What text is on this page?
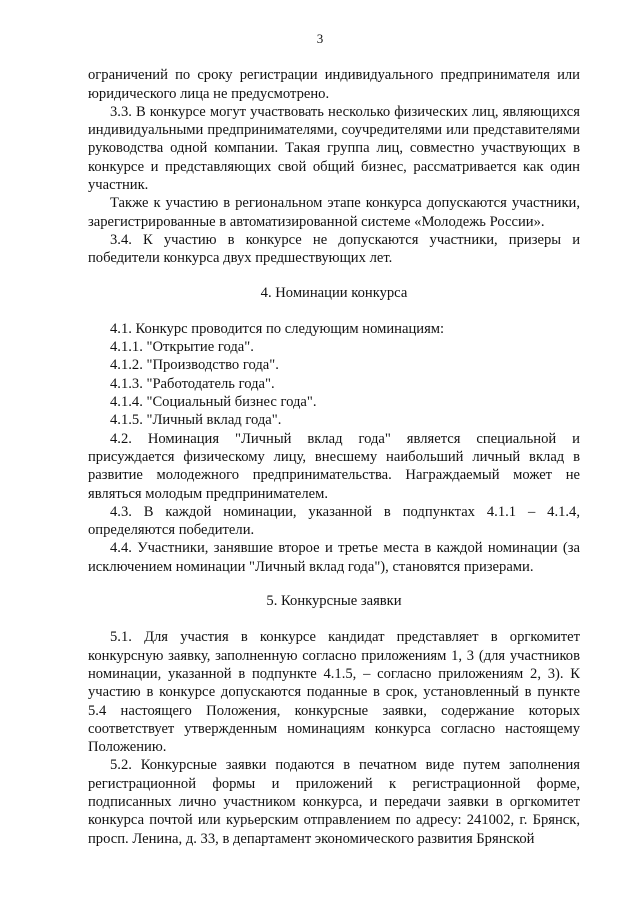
3

ограничений по сроку регистрации индивидуального предпринимателя или юридического лица не предусмотрено.

3.3. В конкурсе могут участвовать несколько физических лиц, являющихся индивидуальными предпринимателями, соучредителями или представителями руководства одной компании. Такая группа лиц, совместно участвующих в конкурсе и представляющих свой общий бизнес, рассматривается как один участник.

Также к участию в региональном этапе конкурса допускаются участники, зарегистрированные в автоматизированной системе «Молодежь России».

3.4. К участию в конкурсе не допускаются участники, призеры и победители конкурса двух предшествующих лет.

4. Номинации конкурса

4.1. Конкурс проводится по следующим номинациям:

4.1.1. "Открытие года".

4.1.2. "Производство года".

4.1.3. "Работодатель года".

4.1.4. "Социальный бизнес года".

4.1.5. "Личный вклад года".

4.2. Номинация "Личный вклад года" является специальной и присуждается физическому лицу, внесшему наибольший личный вклад в развитие молодежного предпринимательства. Награждаемый может не являться молодым предпринимателем.

4.3. В каждой номинации, указанной в подпунктах 4.1.1 – 4.1.4, определяются победители.

4.4. Участники, занявшие второе и третье места в каждой номинации (за исключением номинации "Личный вклад года"), становятся призерами.

5. Конкурсные заявки

5.1. Для участия в конкурсе кандидат представляет в оргкомитет конкурсную заявку, заполненную согласно приложениям 1, 3 (для участников номинации, указанной в подпункте 4.1.5, – согласно приложениям 2, 3). К участию в конкурсе допускаются поданные в срок, установленный в пункте 5.4 настоящего Положения, конкурсные заявки, содержание которых соответствует утвержденным номинациям конкурса согласно настоящему Положению.

5.2. Конкурсные заявки подаются в печатном виде путем заполнения регистрационной формы и приложений к регистрационной форме, подписанных лично участником конкурса, и передачи заявки в оргкомитет конкурса почтой или курьерским отправлением по адресу: 241002, г. Брянск, просп. Ленина, д. 33, в департамент экономического развития Брянской
